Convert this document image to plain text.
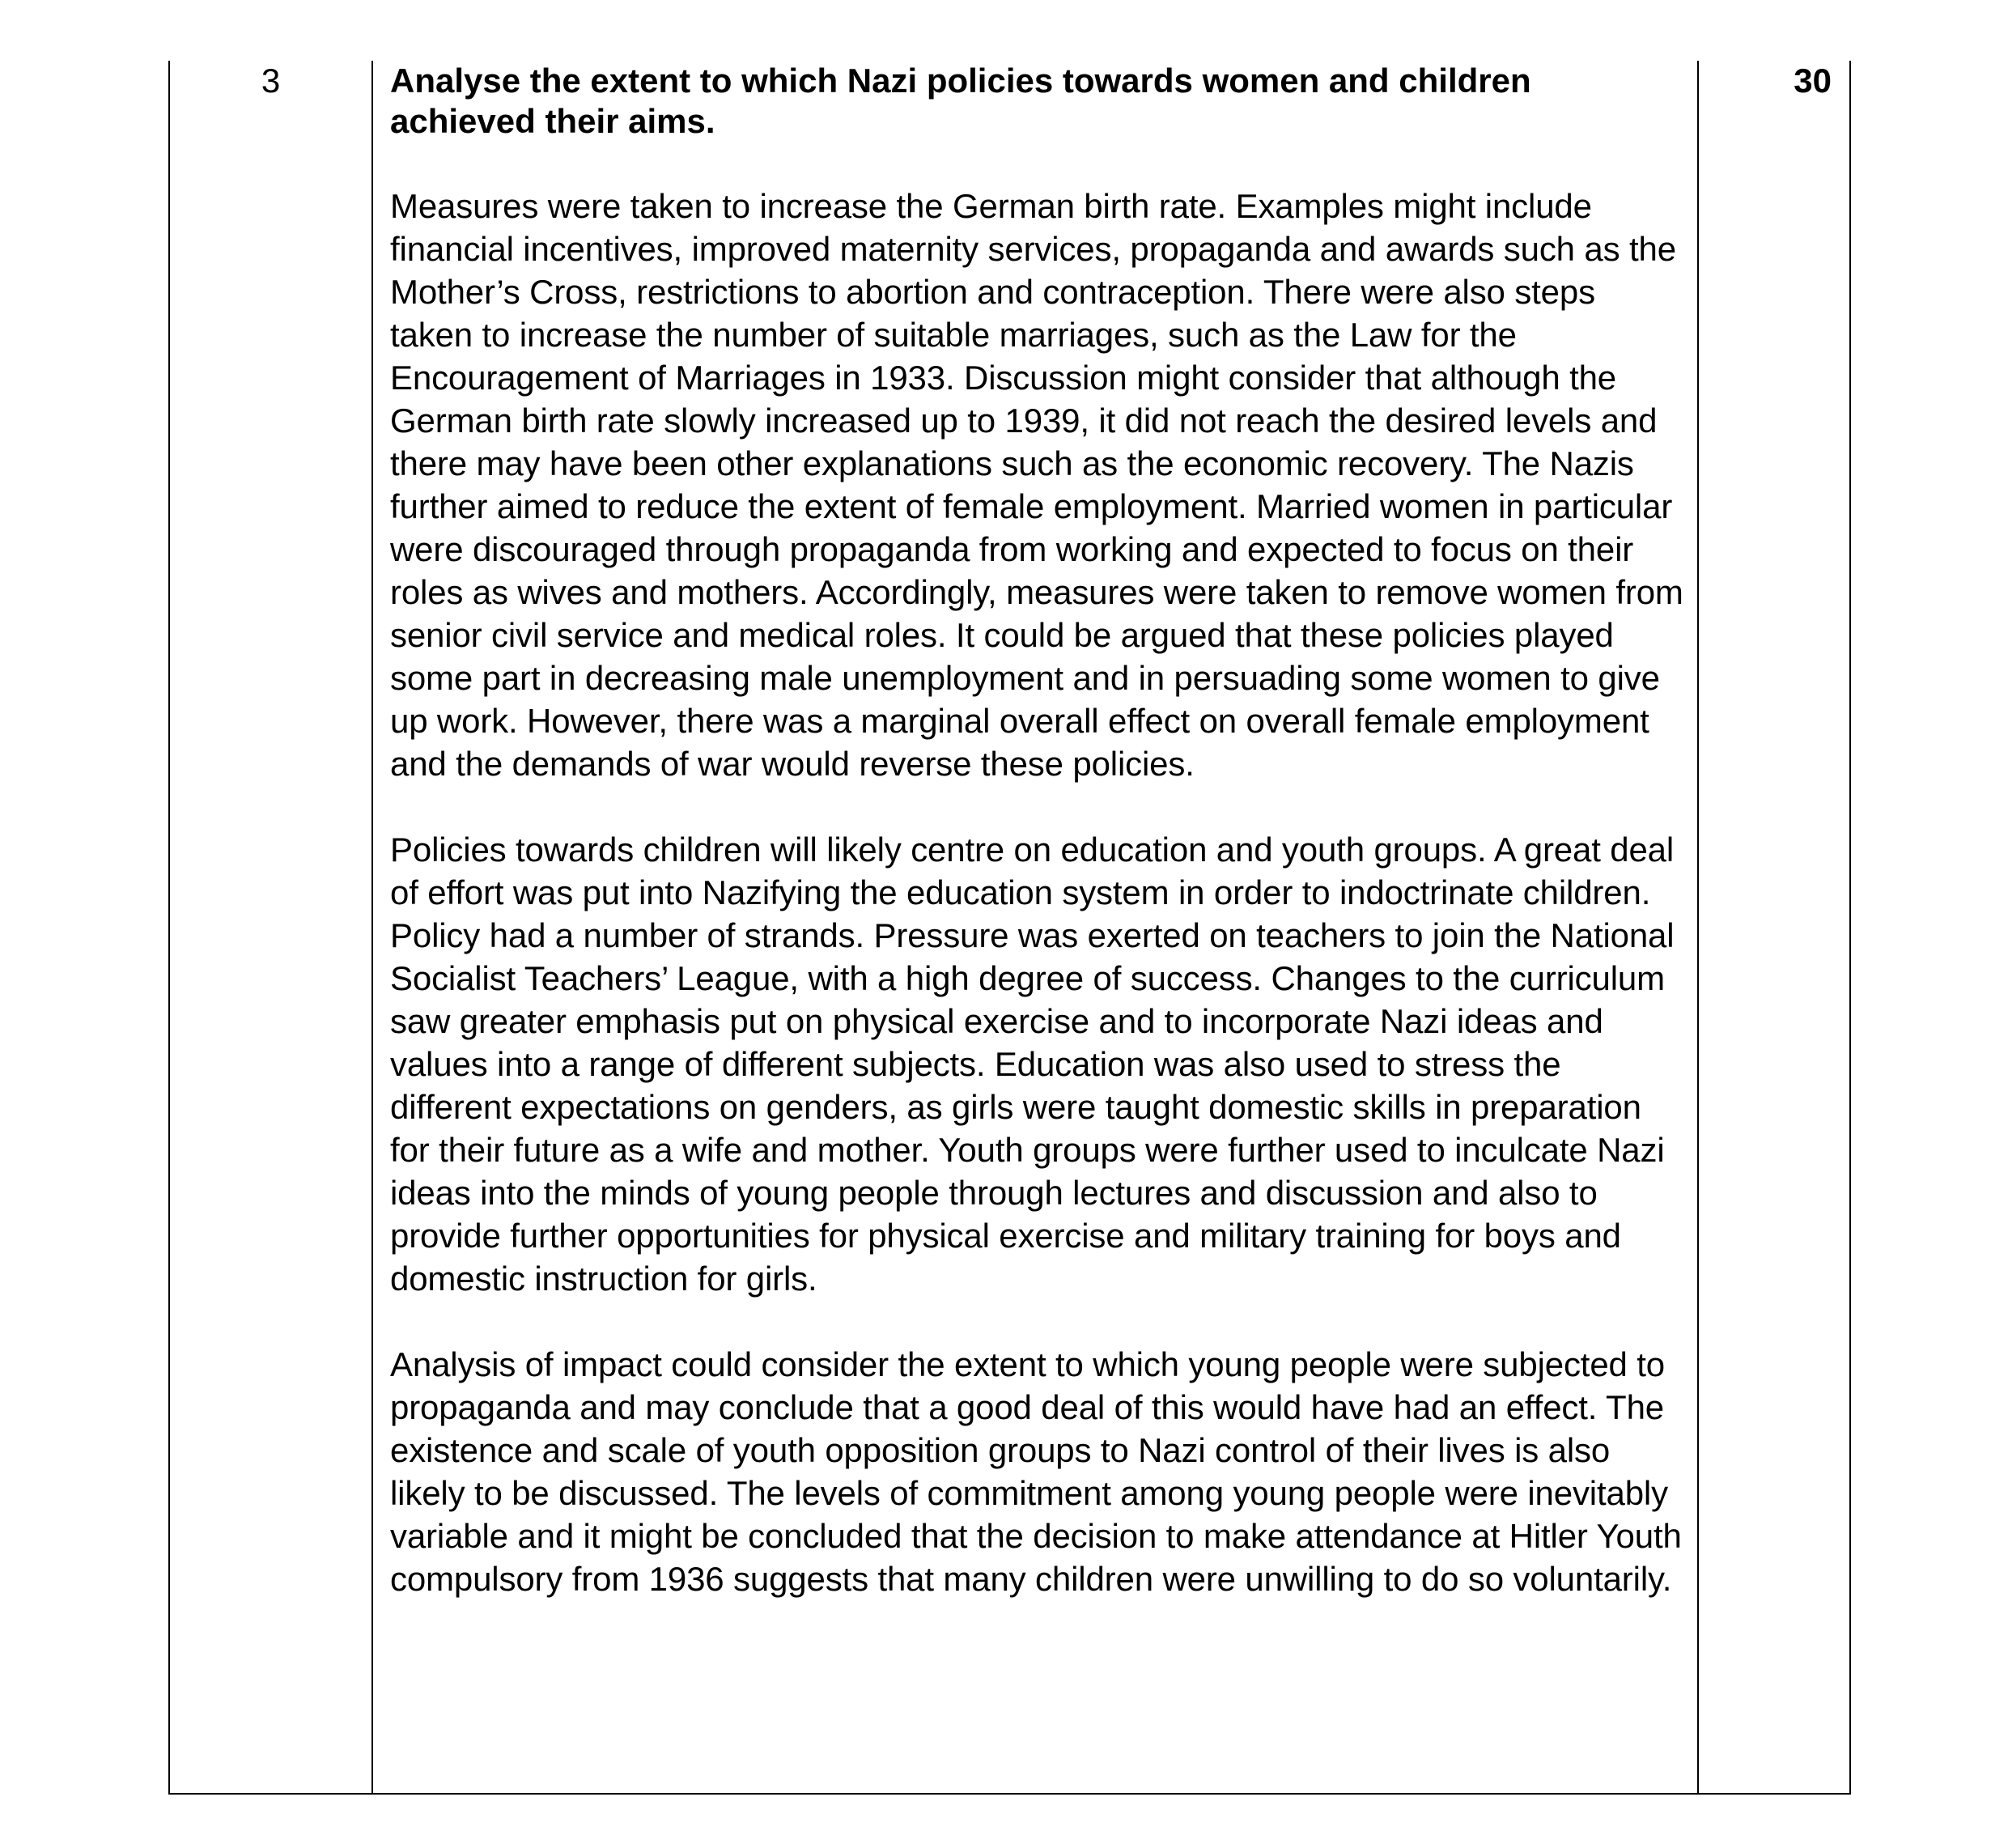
3	Analyse the extent to which Nazi policies towards women and children achieved their aims.

Measures were taken to increase the German birth rate. Examples might include financial incentives, improved maternity services, propaganda and awards such as the Mother’s Cross, restrictions to abortion and contraception. There were also steps taken to increase the number of suitable marriages, such as the Law for the Encouragement of Marriages in 1933. Discussion might consider that although the German birth rate slowly increased up to 1939, it did not reach the desired levels and there may have been other explanations such as the economic recovery. The Nazis further aimed to reduce the extent of female employment. Married women in particular were discouraged through propaganda from working and expected to focus on their roles as wives and mothers. Accordingly, measures were taken to remove women from senior civil service and medical roles. It could be argued that these policies played some part in decreasing male unemployment and in persuading some women to give up work. However, there was a marginal overall effect on overall female employment and the demands of war would reverse these policies.

Policies towards children will likely centre on education and youth groups. A great deal of effort was put into Nazifying the education system in order to indoctrinate children. Policy had a number of strands. Pressure was exerted on teachers to join the National Socialist Teachers’ League, with a high degree of success. Changes to the curriculum saw greater emphasis put on physical exercise and to incorporate Nazi ideas and values into a range of different subjects. Education was also used to stress the different expectations on genders, as girls were taught domestic skills in preparation for their future as a wife and mother. Youth groups were further used to inculcate Nazi ideas into the minds of young people through lectures and discussion and also to provide further opportunities for physical exercise and military training for boys and domestic instruction for girls.

Analysis of impact could consider the extent to which young people were subjected to propaganda and may conclude that a good deal of this would have had an effect. The existence and scale of youth opposition groups to Nazi control of their lives is also likely to be discussed. The levels of commitment among young people were inevitably variable and it might be concluded that the decision to make attendance at Hitler Youth compulsory from 1936 suggests that many children were unwilling to do so voluntarily.

30
